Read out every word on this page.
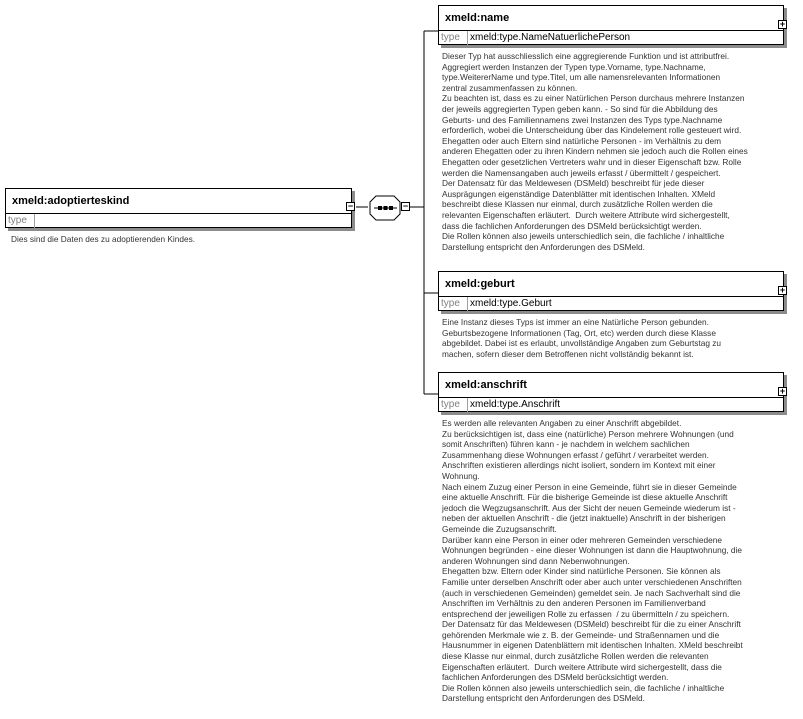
−
xmeld:adoptierteskind
type
−
Dies sind die Daten des zu adoptierenden Kindes.
xmeld:name
type	xmeld:type.NameNatuerlichePerson
+
Dieser Typ hat ausschliesslich eine aggregierende Funktion und ist attributfrei.
Aggregiert werden Instanzen der Typen type.Vorname, type.Nachname,
type.WeitererName und type.Titel, um alle namensrelevanten Informationen
zentral zusammenfassen zu können.
Zu beachten ist, dass es zu einer Natürlichen Person durchaus mehrere Instanzen
der jeweils aggregierten Typen geben kann. - So sind für die Abbildung des
Geburts- und des Familiennamens zwei Instanzen des Typs type.Nachname
erforderlich, wobei die Unterscheidung über das Kindelement rolle gesteuert wird.
Ehegatten oder auch Eltern sind natürliche Personen - im Verhältnis zu dem
anderen Ehegatten oder zu ihren Kindern nehmen sie jedoch auch die Rollen eines
Ehegatten oder gesetzlichen Vertreters wahr und in dieser Eigenschaft bzw. Rolle
werden die Namensangaben auch jeweils erfasst / übermittelt / gespeichert.
Der Datensatz für das Meldewesen (DSMeld) beschreibt für jede dieser
Ausprägungen eigenständige Datenblätter mit identischen Inhalten. XMeld
beschreibt diese Klassen nur einmal, durch zusätzliche Rollen werden die
relevanten Eigenschaften erläutert.  Durch weitere Attribute wird sichergestellt,
dass die fachlichen Anforderungen des DSMeld berücksichtigt werden.
Die Rollen können also jeweils unterschiedlich sein, die fachliche / inhaltliche
Darstellung entspricht den Anforderungen des DSMeld.
xmeld:geburt
type	xmeld:type.Geburt
+
Eine Instanz dieses Typs ist immer an eine Natürliche Person gebunden.
Geburtsbezogene Informationen (Tag, Ort, etc) werden durch diese Klasse
abgebildet. Dabei ist es erlaubt, unvollständige Angaben zum Geburtstag zu
machen, sofern dieser dem Betroffenen nicht vollständig bekannt ist.
xmeld:anschrift
type	xmeld:type.Anschrift
+
Es werden alle relevanten Angaben zu einer Anschrift abgebildet.
Zu berücksichtigen ist, dass eine (natürliche) Person mehrere Wohnungen (und
somit Anschriften) führen kann - je nachdem in welchem sachlichen
Zusammenhang diese Wohnungen erfasst / geführt / verarbeitet werden.
Anschriften existieren allerdings nicht isoliert, sondern im Kontext mit einer
Wohnung.
Nach einem Zuzug einer Person in eine Gemeinde, führt sie in dieser Gemeinde
eine aktuelle Anschrift. Für die bisherige Gemeinde ist diese aktuelle Anschrift
jedoch die Wegzugsanschrift. Aus der Sicht der neuen Gemeinde wiederum ist -
neben der aktuellen Anschrift - die (jetzt inaktuelle) Anschrift in der bisherigen
Gemeinde die Zuzugsanschrift.
Darüber kann eine Person in einer oder mehreren Gemeinden verschiedene
Wohnungen begründen - eine dieser Wohnungen ist dann die Hauptwohnung, die
anderen Wohnungen sind dann Nebenwohnungen.
Ehegatten bzw. Eltern oder Kinder sind natürliche Personen. Sie können als
Familie unter derselben Anschrift oder aber auch unter verschiedenen Anschriften
(auch in verschiedenen Gemeinden) gemeldet sein. Je nach Sachverhalt sind die
Anschriften im Verhältnis zu den anderen Personen im Familienverband
entsprechend der jeweiligen Rolle zu erfassen  / zu übermitteln / zu speichern.
Der Datensatz für das Meldewesen (DSMeld) beschreibt für die zu einer Anschrift
gehörenden Merkmale wie z. B. der Gemeinde- und Straßennamen und die
Hausnummer in eigenen Datenblättern mit identischen Inhalten. XMeld beschreibt
diese Klasse nur einmal, durch zusätzliche Rollen werden die relevanten
Eigenschaften erläutert.  Durch weitere Attribute wird sichergestellt, dass die
fachlichen Anforderungen des DSMeld berücksichtigt werden.
Die Rollen können also jeweils unterschiedlich sein, die fachliche / inhaltliche
Darstellung entspricht den Anforderungen des DSMeld.
